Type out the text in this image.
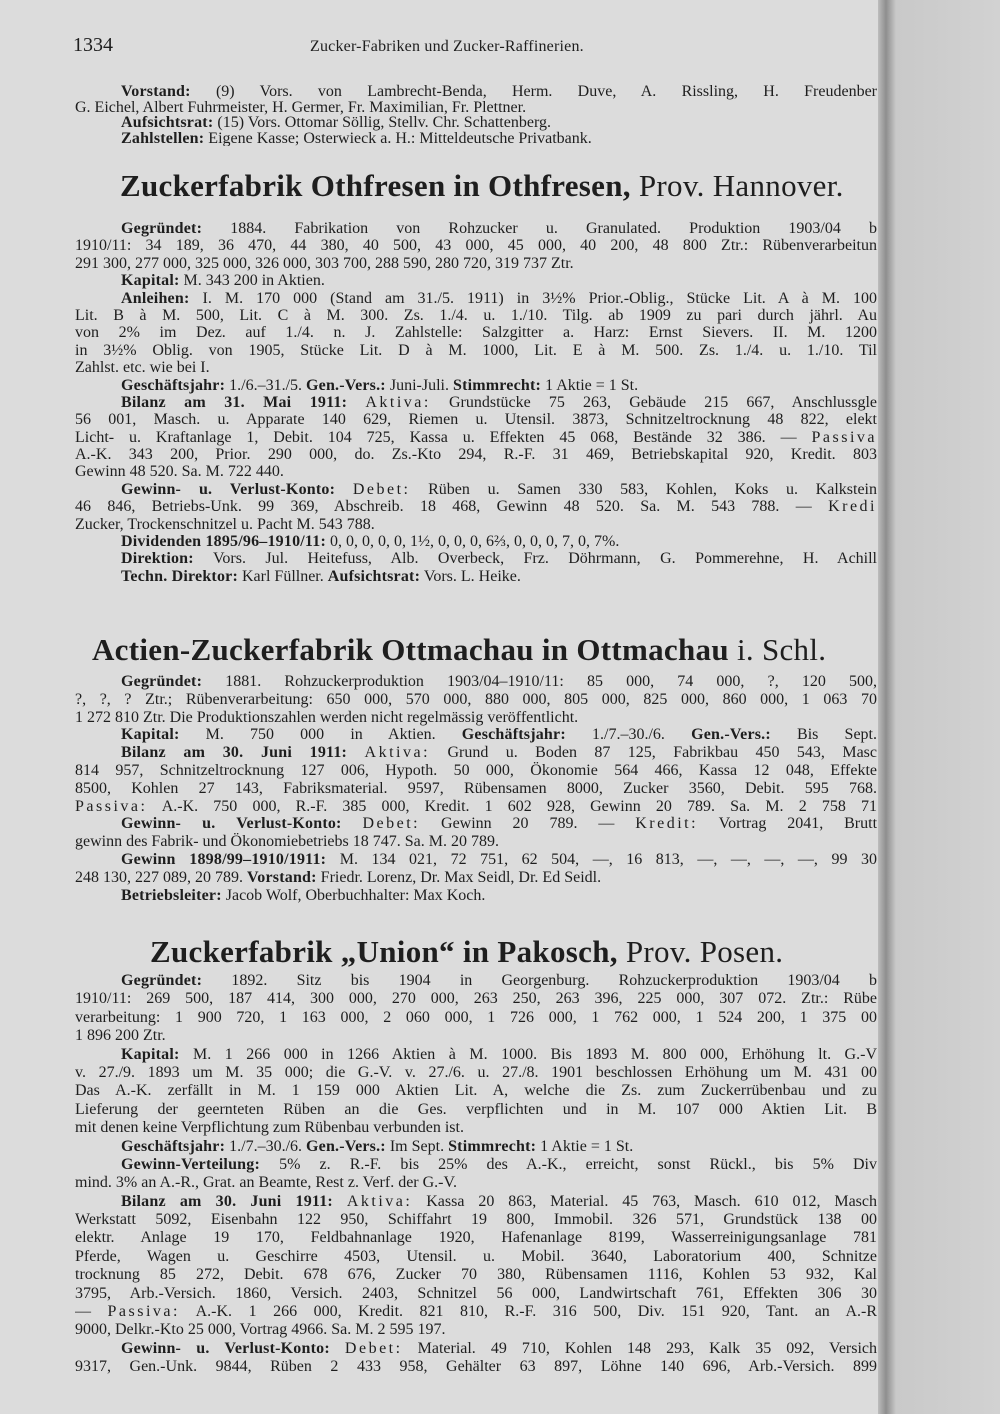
1334	Zucker-Fabriken und Zucker-Raffinerien.
Vorstand: (9) Vors. von Lambrecht-Benda, Herm. Duve, A. Rissling, H. Freudenber
G. Eichel, Albert Fuhrmeister, H. Germer, Fr. Maximilian, Fr. Plettner.
Aufsichtsrat: (15) Vors. Ottomar Söllig, Stellv. Chr. Schattenberg.
Zahlstellen: Eigene Kasse; Osterwieck a. H.: Mitteldeutsche Privatbank.
Zuckerfabrik Othfresen in Othfresen, Prov. Hannover.
Gegründet: 1884. Fabrikation von Rohzucker u. Granulated. Produktion 1903/04 b
1910/11: 34 189, 36 470, 44 380, 40 500, 43 000, 45 000, 40 200, 48 800 Ztr.: Rübenverarbeitun
291 300, 277 000, 325 000, 326 000, 303 700, 288 590, 280 720, 319 737 Ztr.
Kapital: M. 343 200 in Aktien.
Anleihen: I. M. 170 000 (Stand am 31./5. 1911) in 3½% Prior.-Oblig., Stücke Lit. A à M. 100
Lit. B à M. 500, Lit. C à M. 300. Zs. 1./4. u. 1./10. Tilg. ab 1909 zu pari durch jährl. Au
von 2% im Dez. auf 1./4. n. J. Zahlstelle: Salzgitter a. Harz: Ernst Sievers. II. M. 1200
in 3½% Oblig. von 1905, Stücke Lit. D à M. 1000, Lit. E à M. 500. Zs. 1./4. u. 1./10. Til
Zahlst. etc. wie bei I.
Geschäftsjahr: 1./6.–31./5. Gen.-Vers.: Juni-Juli. Stimmrecht: 1 Aktie = 1 St.
Bilanz am 31. Mai 1911: Aktiva: Grundstücke 75 263, Gebäude 215 667, Anschlussgle
56 001, Masch. u. Apparate 140 629, Riemen u. Utensil. 3873, Schnitzeltrocknung 48 822, elekt
Licht- u. Kraftanlage 1, Debit. 104 725, Kassa u. Effekten 45 068, Bestände 32 386. — Passiva
A.-K. 343 200, Prior. 290 000, do. Zs.-Kto 294, R.-F. 31 469, Betriebskapital 920, Kredit. 803
Gewinn 48 520. Sa. M. 722 440.
Gewinn- u. Verlust-Konto: Debet: Rüben u. Samen 330 583, Kohlen, Koks u. Kalkstein
46 846, Betriebs-Unk. 99 369, Abschreib. 18 468, Gewinn 48 520. Sa. M. 543 788. — Kredi
Zucker, Trockenschnitzel u. Pacht M. 543 788.
Dividenden 1895/96–1910/11: 0, 0, 0, 0, 0, 1½, 0, 0, 0, 6⅔, 0, 0, 0, 7, 0, 7%.
Direktion: Vors. Jul. Heitefuss, Alb. Overbeck, Frz. Döhrmann, G. Pommerehne, H. Achill
Techn. Direktor: Karl Füllner. Aufsichtsrat: Vors. L. Heike.
Actien-Zuckerfabrik Ottmachau in Ottmachau i. Schl.
Gegründet: 1881. Rohzuckerproduktion 1903/04–1910/11: 85 000, 74 000, ?, 120 500,
?, ?, ? Ztr.; Rübenverarbeitung: 650 000, 570 000, 880 000, 805 000, 825 000, 860 000, 1 063 70
1 272 810 Ztr. Die Produktionszahlen werden nicht regelmässig veröffentlicht.
Kapital: M. 750 000 in Aktien. Geschäftsjahr: 1./7.–30./6. Gen.-Vers.: Bis Sept.
Bilanz am 30. Juni 1911: Aktiva: Grund u. Boden 87 125, Fabrikbau 450 543, Masc
814 957, Schnitzeltrocknung 127 006, Hypoth. 50 000, Ökonomie 564 466, Kassa 12 048, Effekte
8500, Kohlen 27 143, Fabriksmaterial. 9597, Rübensamen 8000, Zucker 3560, Debit. 595 768.
Passiva: A.-K. 750 000, R.-F. 385 000, Kredit. 1 602 928, Gewinn 20 789. Sa. M. 2 758 71
Gewinn- u. Verlust-Konto: Debet: Gewinn 20 789. — Kredit: Vortrag 2041, Brutt
gewinn des Fabrik- und Ökonomiebetriebs 18 747. Sa. M. 20 789.
Gewinn 1898/99–1910/1911: M. 134 021, 72 751, 62 504, —, 16 813, —, —, —, —, 99 30
248 130, 227 089, 20 789. Vorstand: Friedr. Lorenz, Dr. Max Seidl, Dr. Ed Seidl.
Betriebsleiter: Jacob Wolf, Oberbuchhalter: Max Koch.
Zuckerfabrik „Union“ in Pakosch, Prov. Posen.
Gegründet: 1892. Sitz bis 1904 in Georgenburg. Rohzuckerproduktion 1903/04 b
1910/11: 269 500, 187 414, 300 000, 270 000, 263 250, 263 396, 225 000, 307 072. Ztr.: Rübe
verarbeitung: 1 900 720, 1 163 000, 2 060 000, 1 726 000, 1 762 000, 1 524 200, 1 375 00
1 896 200 Ztr.
Kapital: M. 1 266 000 in 1266 Aktien à M. 1000. Bis 1893 M. 800 000, Erhöhung lt. G.-V
v. 27./9. 1893 um M. 35 000; die G.-V. v. 27./6. u. 27./8. 1901 beschlossen Erhöhung um M. 431 00
Das A.-K. zerfällt in M. 1 159 000 Aktien Lit. A, welche die Zs. zum Zuckerrübenbau und zu
Lieferung der geernteten Rüben an die Ges. verpflichten und in M. 107 000 Aktien Lit. B
mit denen keine Verpflichtung zum Rübenbau verbunden ist.
Geschäftsjahr: 1./7.–30./6. Gen.-Vers.: Im Sept. Stimmrecht: 1 Aktie = 1 St.
Gewinn-Verteilung: 5% z. R.-F. bis 25% des A.-K., erreicht, sonst Rückl., bis 5% Div
mind. 3% an A.-R., Grat. an Beamte, Rest z. Verf. der G.-V.
Bilanz am 30. Juni 1911: Aktiva: Kassa 20 863, Material. 45 763, Masch. 610 012, Masch
Werkstatt 5092, Eisenbahn 122 950, Schiffahrt 19 800, Immobil. 326 571, Grundstück 138 00
elektr. Anlage 19 170, Feldbahnanlage 1920, Hafenanlage 8199, Wasserreinigungsanlage 781
Pferde, Wagen u. Geschirre 4503, Utensil. u. Mobil. 3640, Laboratorium 400, Schnitze
trocknung 85 272, Debit. 678 676, Zucker 70 380, Rübensamen 1116, Kohlen 53 932, Kal
3795, Arb.-Versich. 1860, Versich. 2403, Schnitzel 56 000, Landwirtschaft 761, Effekten 306 30
— Passiva: A.-K. 1 266 000, Kredit. 821 810, R.-F. 316 500, Div. 151 920, Tant. an A.-R
9000, Delkr.-Kto 25 000, Vortrag 4966. Sa. M. 2 595 197.
Gewinn- u. Verlust-Konto: Debet: Material. 49 710, Kohlen 148 293, Kalk 35 092, Versich
9317, Gen.-Unk. 9844, Rüben 2 433 958, Gehälter 63 897, Löhne 140 696, Arb.-Versich. 899
